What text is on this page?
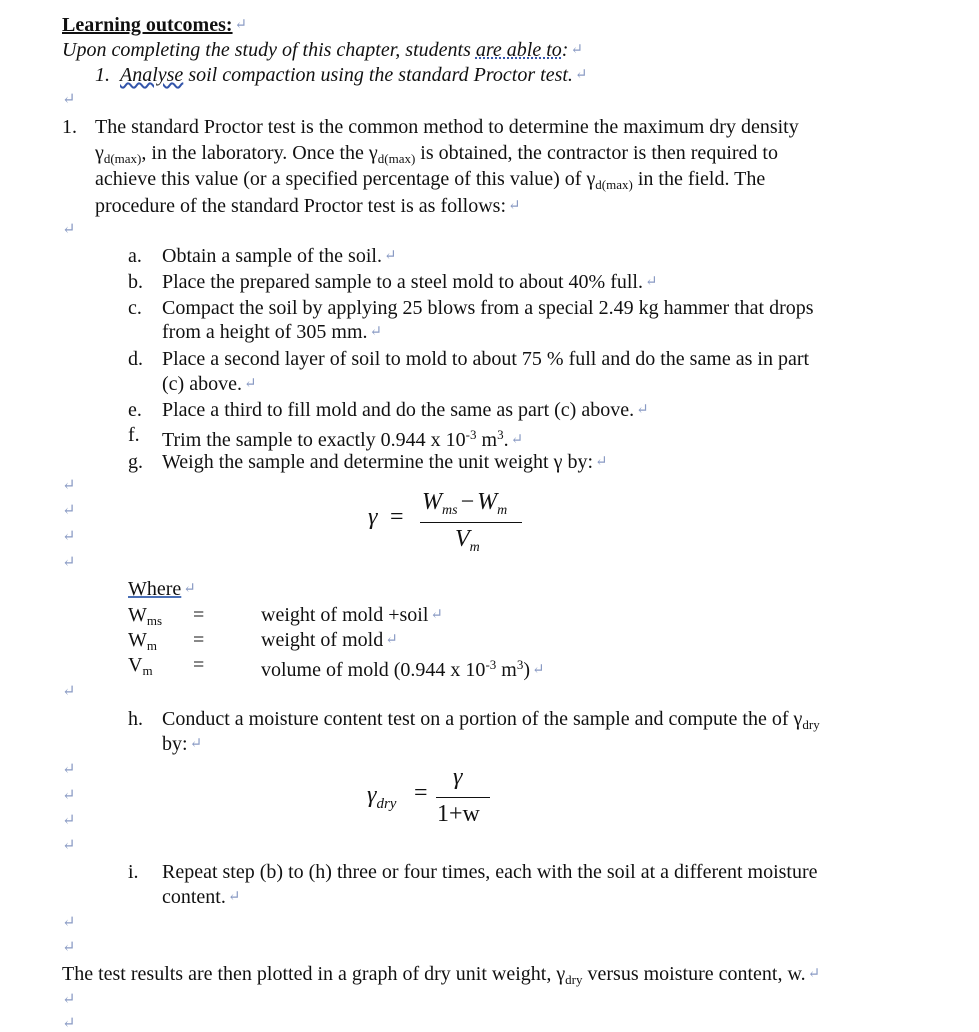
Learning outcomes: ↵
Upon completing the study of this chapter, students are able to: ↵
1. Analyse soil compaction using the standard Proctor test. ↵
↵
1. The standard Proctor test is the common method to determine the maximum dry density
$\gamma_{d(max)}$, in the laboratory. Once the $\gamma_{d(max)}$ is obtained, the contractor is then required to
achieve this value (or a specified percentage of this value) of $\gamma_{d(max)}$ in the field. The
procedure of the standard Proctor test is as follows: ↵
↵
a. Obtain a sample of the soil. ↵
b. Place the prepared sample to a steel mold to about 40% full. ↵
c. Compact the soil by applying 25 blows from a special 2.49 kg hammer that drops
from a height of 305 mm. ↵
d. Place a second layer of soil to mold to about 75 % full and do the same as in part
(c) above. ↵
e. Place a third to fill mold and do the same as part (c) above. ↵
f. Trim the sample to exactly 0.944 x $10^{-3}$ $m^3$. ↵
g. Weigh the sample and determine the unit weight γ by: ↵
↵
↵
↵
↵
γ =
$W_{ms} - W_m$
$V_m$
Where ↵
$W_{ms}$ =	weight of mold +soil ↵
$W_m$ =	weight of mold ↵
$V_m$ =	volume of mold (0.944 x $10^{-3}$ $m^3$) ↵
↵
h. Conduct a moisture content test on a portion of the sample and compute the of $\gamma_{dry}$
by: ↵
↵
↵
↵
↵
$\gamma_{dry}$ =
γ
1+w
i. Repeat step (b) to (h) three or four times, each with the soil at a different moisture
content. ↵
↵
↵
The test results are then plotted in a graph of dry unit weight, $\gamma_{dry}$ versus moisture content, w. ↵
↵
↵
